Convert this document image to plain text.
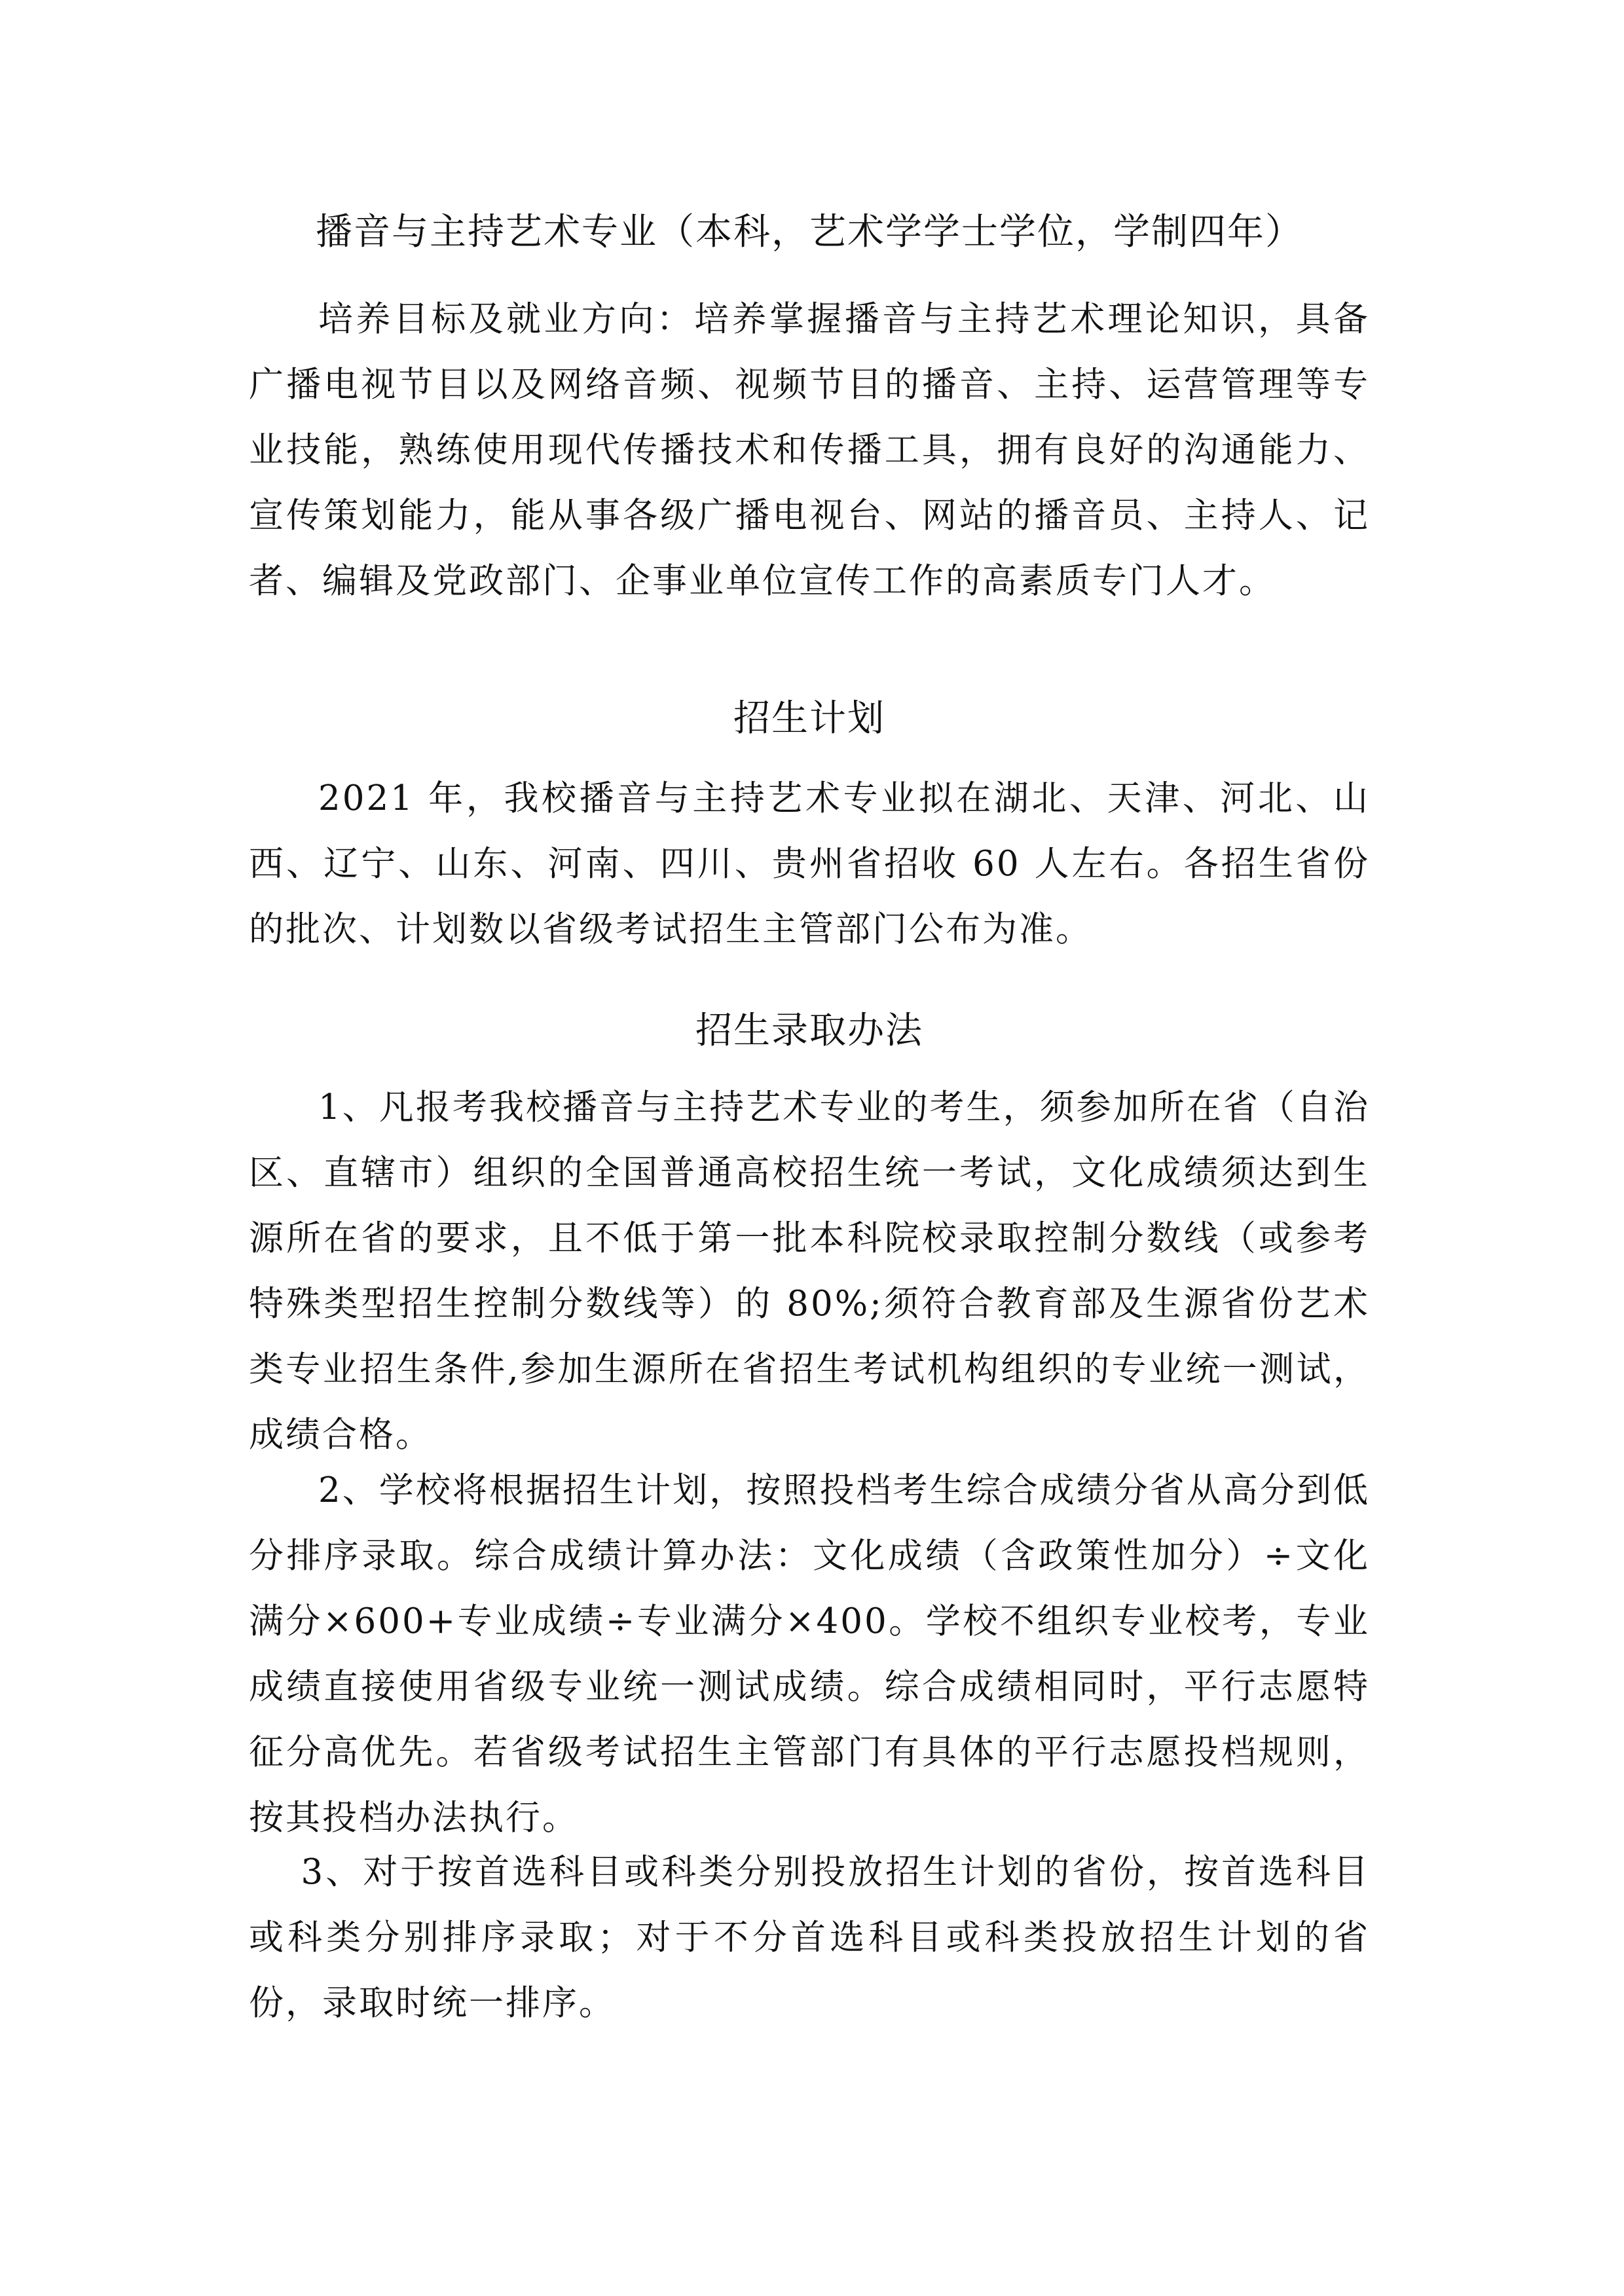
播音与主持艺术专业（本科，艺术学学士学位，学制四年）

培养目标及就业方向：培养掌握播音与主持艺术理论知识，具备广播电视节目以及网络音频、视频节目的播音、主持、运营管理等专业技能，熟练使用现代传播技术和传播工具，拥有良好的沟通能力、宣传策划能力，能从事各级广播电视台、网站的播音员、主持人、记者、编辑及党政部门、企事业单位宣传工作的高素质专门人才。

招生计划

2021 年，我校播音与主持艺术专业拟在湖北、天津、河北、山西、辽宁、山东、河南、四川、贵州省招收 60 人左右。各招生省份的批次、计划数以省级考试招生主管部门公布为准。

招生录取办法

1、凡报考我校播音与主持艺术专业的考生，须参加所在省（自治区、直辖市）组织的全国普通高校招生统一考试，文化成绩须达到生源所在省的要求，且不低于第一批本科院校录取控制分数线（或参考特殊类型招生控制分数线等）的 80%;须符合教育部及生源省份艺术类专业招生条件,参加生源所在省招生考试机构组织的专业统一测试，成绩合格。

2、学校将根据招生计划，按照投档考生综合成绩分省从高分到低分排序录取。综合成绩计算办法：文化成绩（含政策性加分）÷文化满分×600+专业成绩÷专业满分×400。学校不组织专业校考，专业成绩直接使用省级专业统一测试成绩。综合成绩相同时，平行志愿特征分高优先。若省级考试招生主管部门有具体的平行志愿投档规则，按其投档办法执行。

3、对于按首选科目或科类分别投放招生计划的省份，按首选科目或科类分别排序录取；对于不分首选科目或科类投放招生计划的省份，录取时统一排序。
